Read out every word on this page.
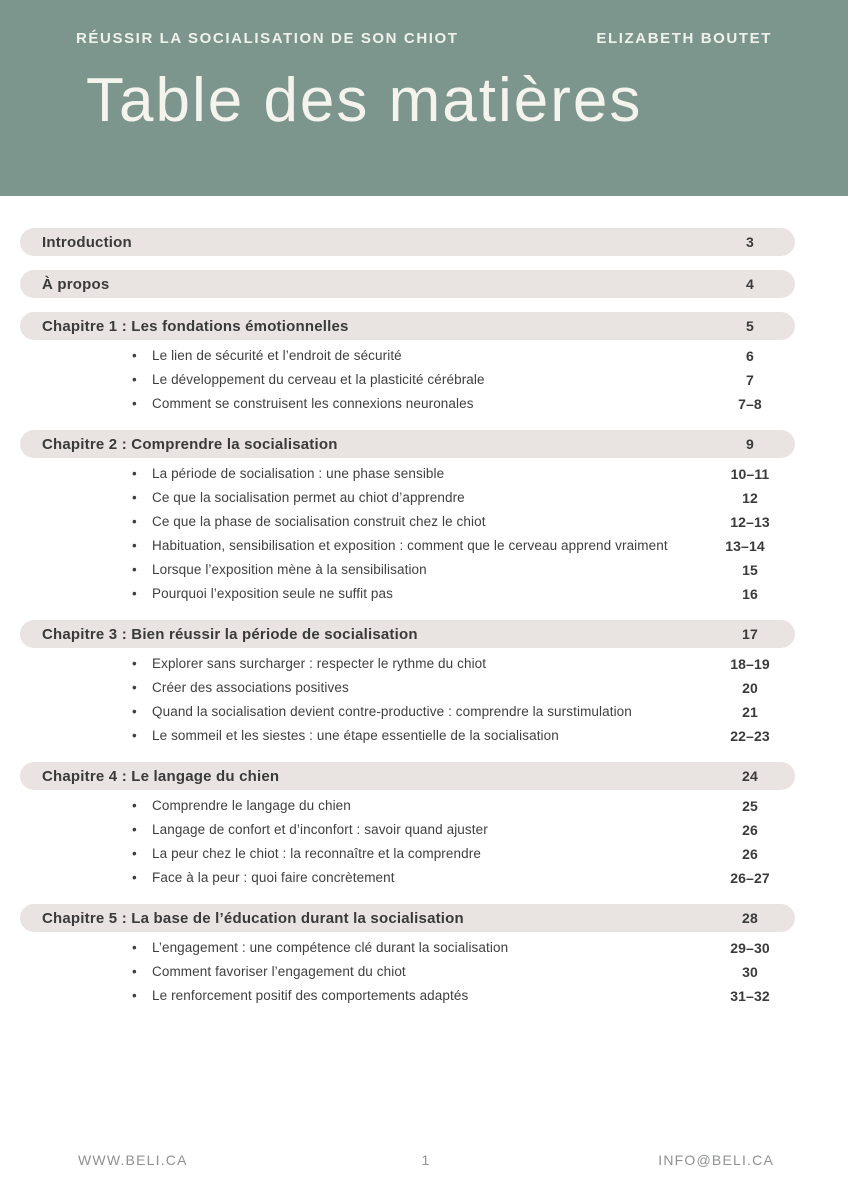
RÉUSSIR LA SOCIALISATION DE SON CHIOT	ELIZABETH BOUTET
Table des matières
Introduction	3
À propos	4
Chapitre 1 : Les fondations émotionnelles	5
•
Le lien de sécurité et l’endroit de sécurité	6
•
Le développement du cerveau et la plasticité cérébrale	7
•
Comment se construisent les connexions neuronales	7–8
Chapitre 2 : Comprendre la socialisation	9
•
La période de socialisation : une phase sensible	10–11
•
Ce que la socialisation permet au chiot d’apprendre	12
•
Ce que la phase de socialisation construit chez le chiot	12–13
•
Habituation, sensibilisation et exposition : comment que le cerveau apprend vraiment	13–14
•
Lorsque l’exposition mène à la sensibilisation	15
•
Pourquoi l’exposition seule ne suffit pas	16
Chapitre 3 : Bien réussir la période de socialisation	17
•
Explorer sans surcharger : respecter le rythme du chiot	18–19
•
Créer des associations positives	20
•
Quand la socialisation devient contre-productive : comprendre la surstimulation	21
•
Le sommeil et les siestes : une étape essentielle de la socialisation	22–23
Chapitre 4 : Le langage du chien	24
•
Comprendre le langage du chien	25
•
Langage de confort et d’inconfort : savoir quand ajuster	26
•
La peur chez le chiot : la reconnaître et la comprendre	26
•
Face à la peur : quoi faire concrètement	26–27
Chapitre 5 : La base de l’éducation durant la socialisation	28
•
L’engagement : une compétence clé durant la socialisation	29–30
•
Comment favoriser l’engagement du chiot	30
•
Le renforcement positif des comportements adaptés	31–32
WWW.BELI.CA	1	INFO@BELI.CA
